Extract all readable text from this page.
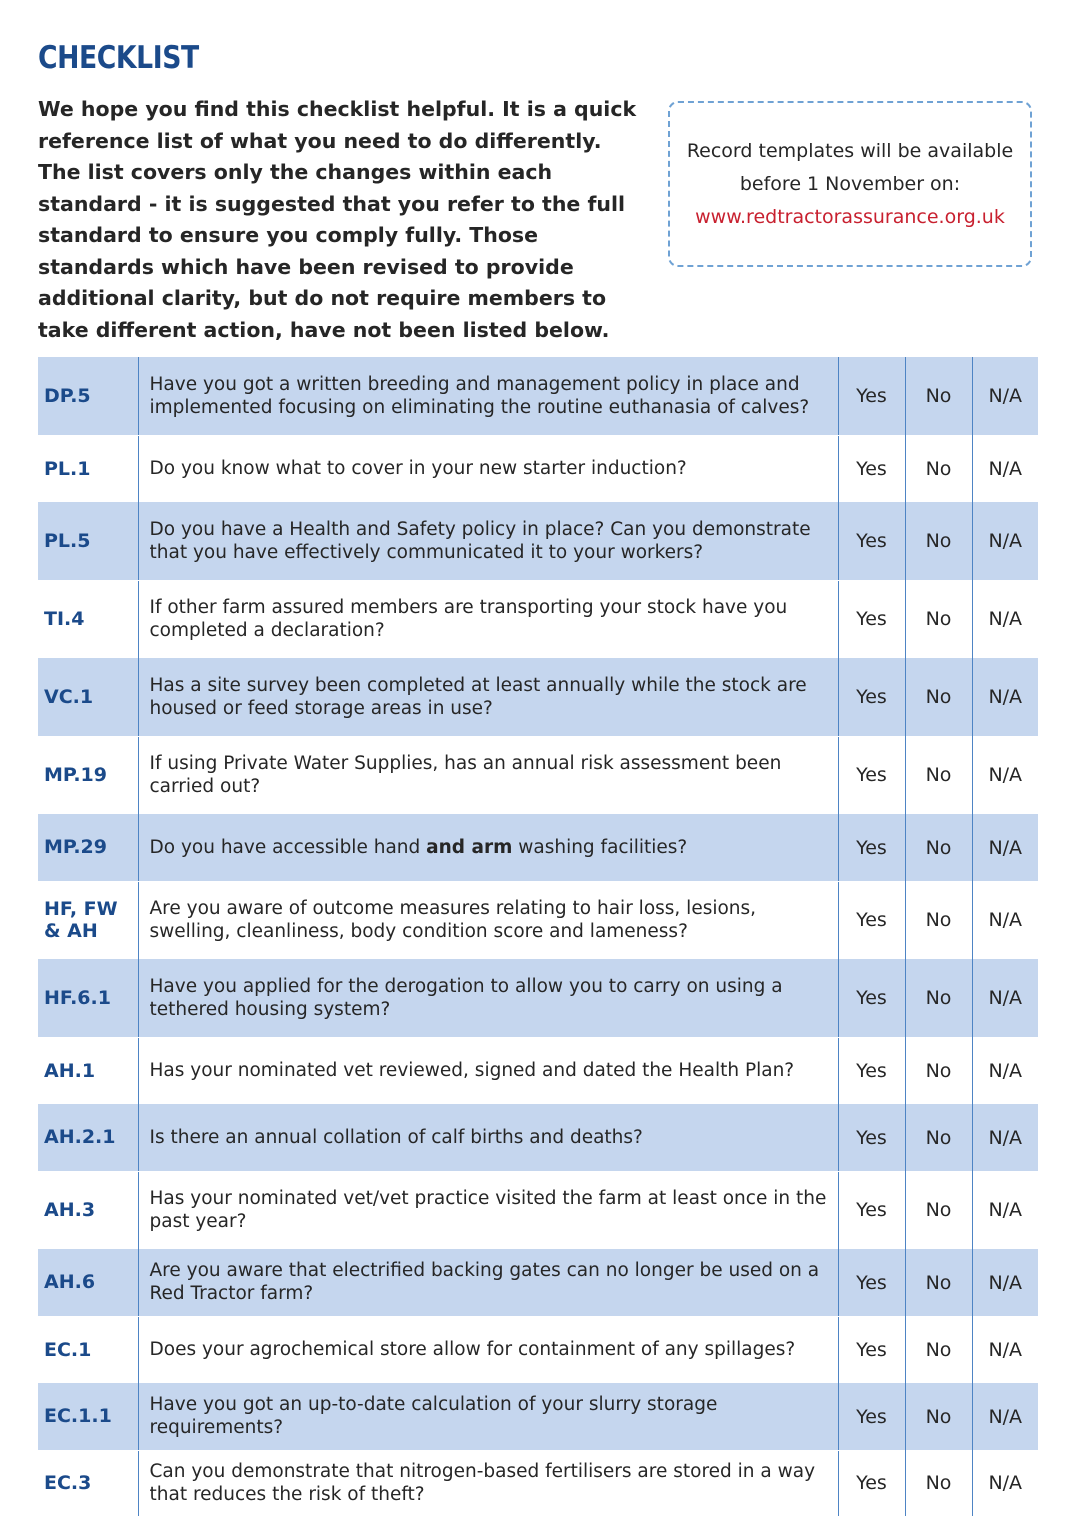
CHECKLIST

We hope you find this checklist helpful. It is a quick reference list of what you need to do differently.

The list covers only the changes within each standard - it is suggested that you refer to the full standard to ensure you comply fully. Those standards which have been revised to provide additional clarity, but do not require members to take different action, have not been listed below.

Record templates will be available
before 1 November on:
www.redtractorassurance.org.uk
DP.5	Have you got a written breeding and management policy in place and implemented focusing on eliminating the routine euthanasia of calves?	Yes	No	N/A
PL.1	Do you know what to cover in your new starter induction?	Yes	No	N/A
PL.5	Do you have a Health and Safety policy in place? Can you demonstrate that you have effectively communicated it to your workers?	Yes	No	N/A
TI.4	If other farm assured members are transporting your stock have you completed a declaration?	Yes	No	N/A
VC.1	Has a site survey been completed at least annually while the stock are housed or feed storage areas in use?	Yes	No	N/A
MP.19	If using Private Water Supplies, has an annual risk assessment been carried out?	Yes	No	N/A
MP.29	Do you have accessible hand and arm washing facilities?	Yes	No	N/A
HF, FW & AH	Are you aware of outcome measures relating to hair loss, lesions, swelling, cleanliness, body condition score and lameness?	Yes	No	N/A
HF.6.1	Have you applied for the derogation to allow you to carry on using a tethered housing system?	Yes	No	N/A
AH.1	Has your nominated vet reviewed, signed and dated the Health Plan?	Yes	No	N/A
AH.2.1	Is there an annual collation of calf births and deaths?	Yes	No	N/A
AH.3	Has your nominated vet/vet practice visited the farm at least once in the past year?	Yes	No	N/A
AH.6	Are you aware that electrified backing gates can no longer be used on a Red Tractor farm?	Yes	No	N/A
EC.1	Does your agrochemical store allow for containment of any spillages?	Yes	No	N/A
EC.1.1	Have you got an up-to-date calculation of your slurry storage requirements?	Yes	No	N/A
EC.3	Can you demonstrate that nitrogen-based fertilisers are stored in a way that reduces the risk of theft?	Yes	No	N/A
